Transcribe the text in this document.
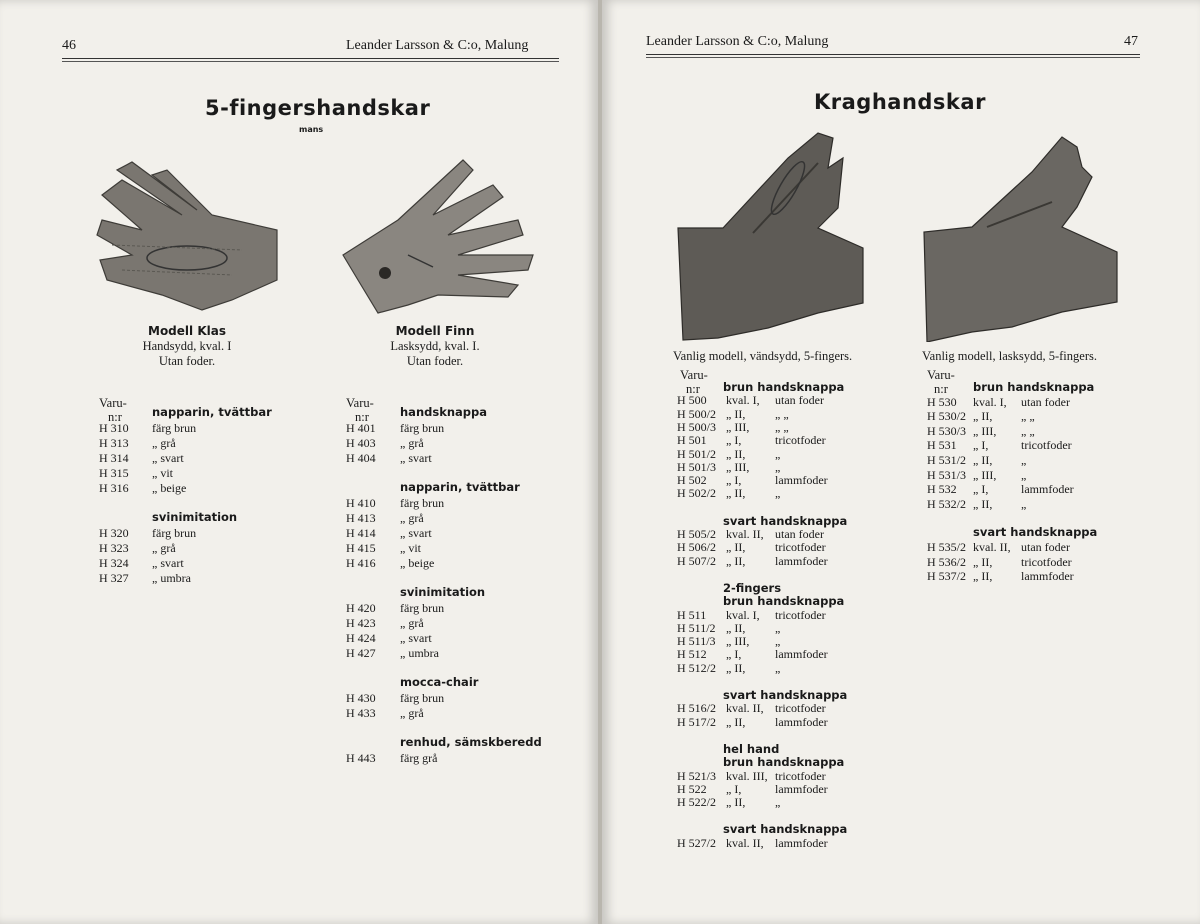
46	Leander Larsson & C:o, Malung
5-fingershandskar
mans
Modell Klas
Handsydd, kval. I
Utan foder.
Modell Finn
Lasksydd, kval. I.
Utan foder.
Varu-
n:r
Varu-
n:r
napparin, tvättbar
H 310 färg brun
H 313 „ grå
H 314 „ svart
H 315 „ vit
H 316 „ beige
svinimitation
H 320 färg brun
H 323 „ grå
H 324 „ svart
H 327 „ umbra
handsknappa
H 401 färg brun
H 403 „ grå
H 404 „ svart
napparin, tvättbar
H 410 färg brun
H 413 „ grå
H 414 „ svart
H 415 „ vit
H 416 „ beige
svinimitation
H 420 färg brun
H 423 „ grå
H 424 „ svart
H 427 „ umbra
mocca-chair
H 430 färg brun
H 433 „ grå
renhud, sämskberedd
H 443 färg grå
Leander Larsson & C:o, Malung	47
Kraghandskar
Vanlig modell, vändsydd, 5-fingers.	Vanlig modell, lasksydd, 5-fingers.
Varu-
n:r
Varu-
n:r
brun handsknappa
H 500 kval. I, utan foder
H 500/2 „ II, „ „
H 500/3 „ III, „ „
H 501 „ I,	tricotfoder
H 501/2 „ II, „
H 501/3 „ III, „
H 502 „ I,	lammfoder
H 502/2 „ II, „
svart handsknappa
H 505/2 kval. II, utan foder
H 506/2 „ II, tricotfoder
H 507/2 „ II, lammfoder
2-fingers
brun handsknappa
H 511 kval. I, tricotfoder
H 511/2 „ II, „
H 511/3 „ III, „
H 512 „ I,	lammfoder
H 512/2 „ II, „
svart handsknappa
H 516/2 kval. II, tricotfoder
H 517/2 „ II, lammfoder
hel hand
brun handsknappa
H 521/3 kval. III, tricotfoder
H 522 „ I,	lammfoder
H 522/2 „ II, „
svart handsknappa
H 527/2 kval. II, lammfoder
brun handsknappa
H 530 kval. I, utan foder
H 530/2 „ II, „ „
H 530/3 „ III, „ „
H 531 „ I,	tricotfoder
H 531/2 „ II, „
H 531/3 „ III, „
H 532 „ I,	lammfoder
H 532/2 „ II, „
svart handsknappa
H 535/2 kval. II, utan foder
H 536/2 „ II, tricotfoder
H 537/2 „ II, lammfoder
